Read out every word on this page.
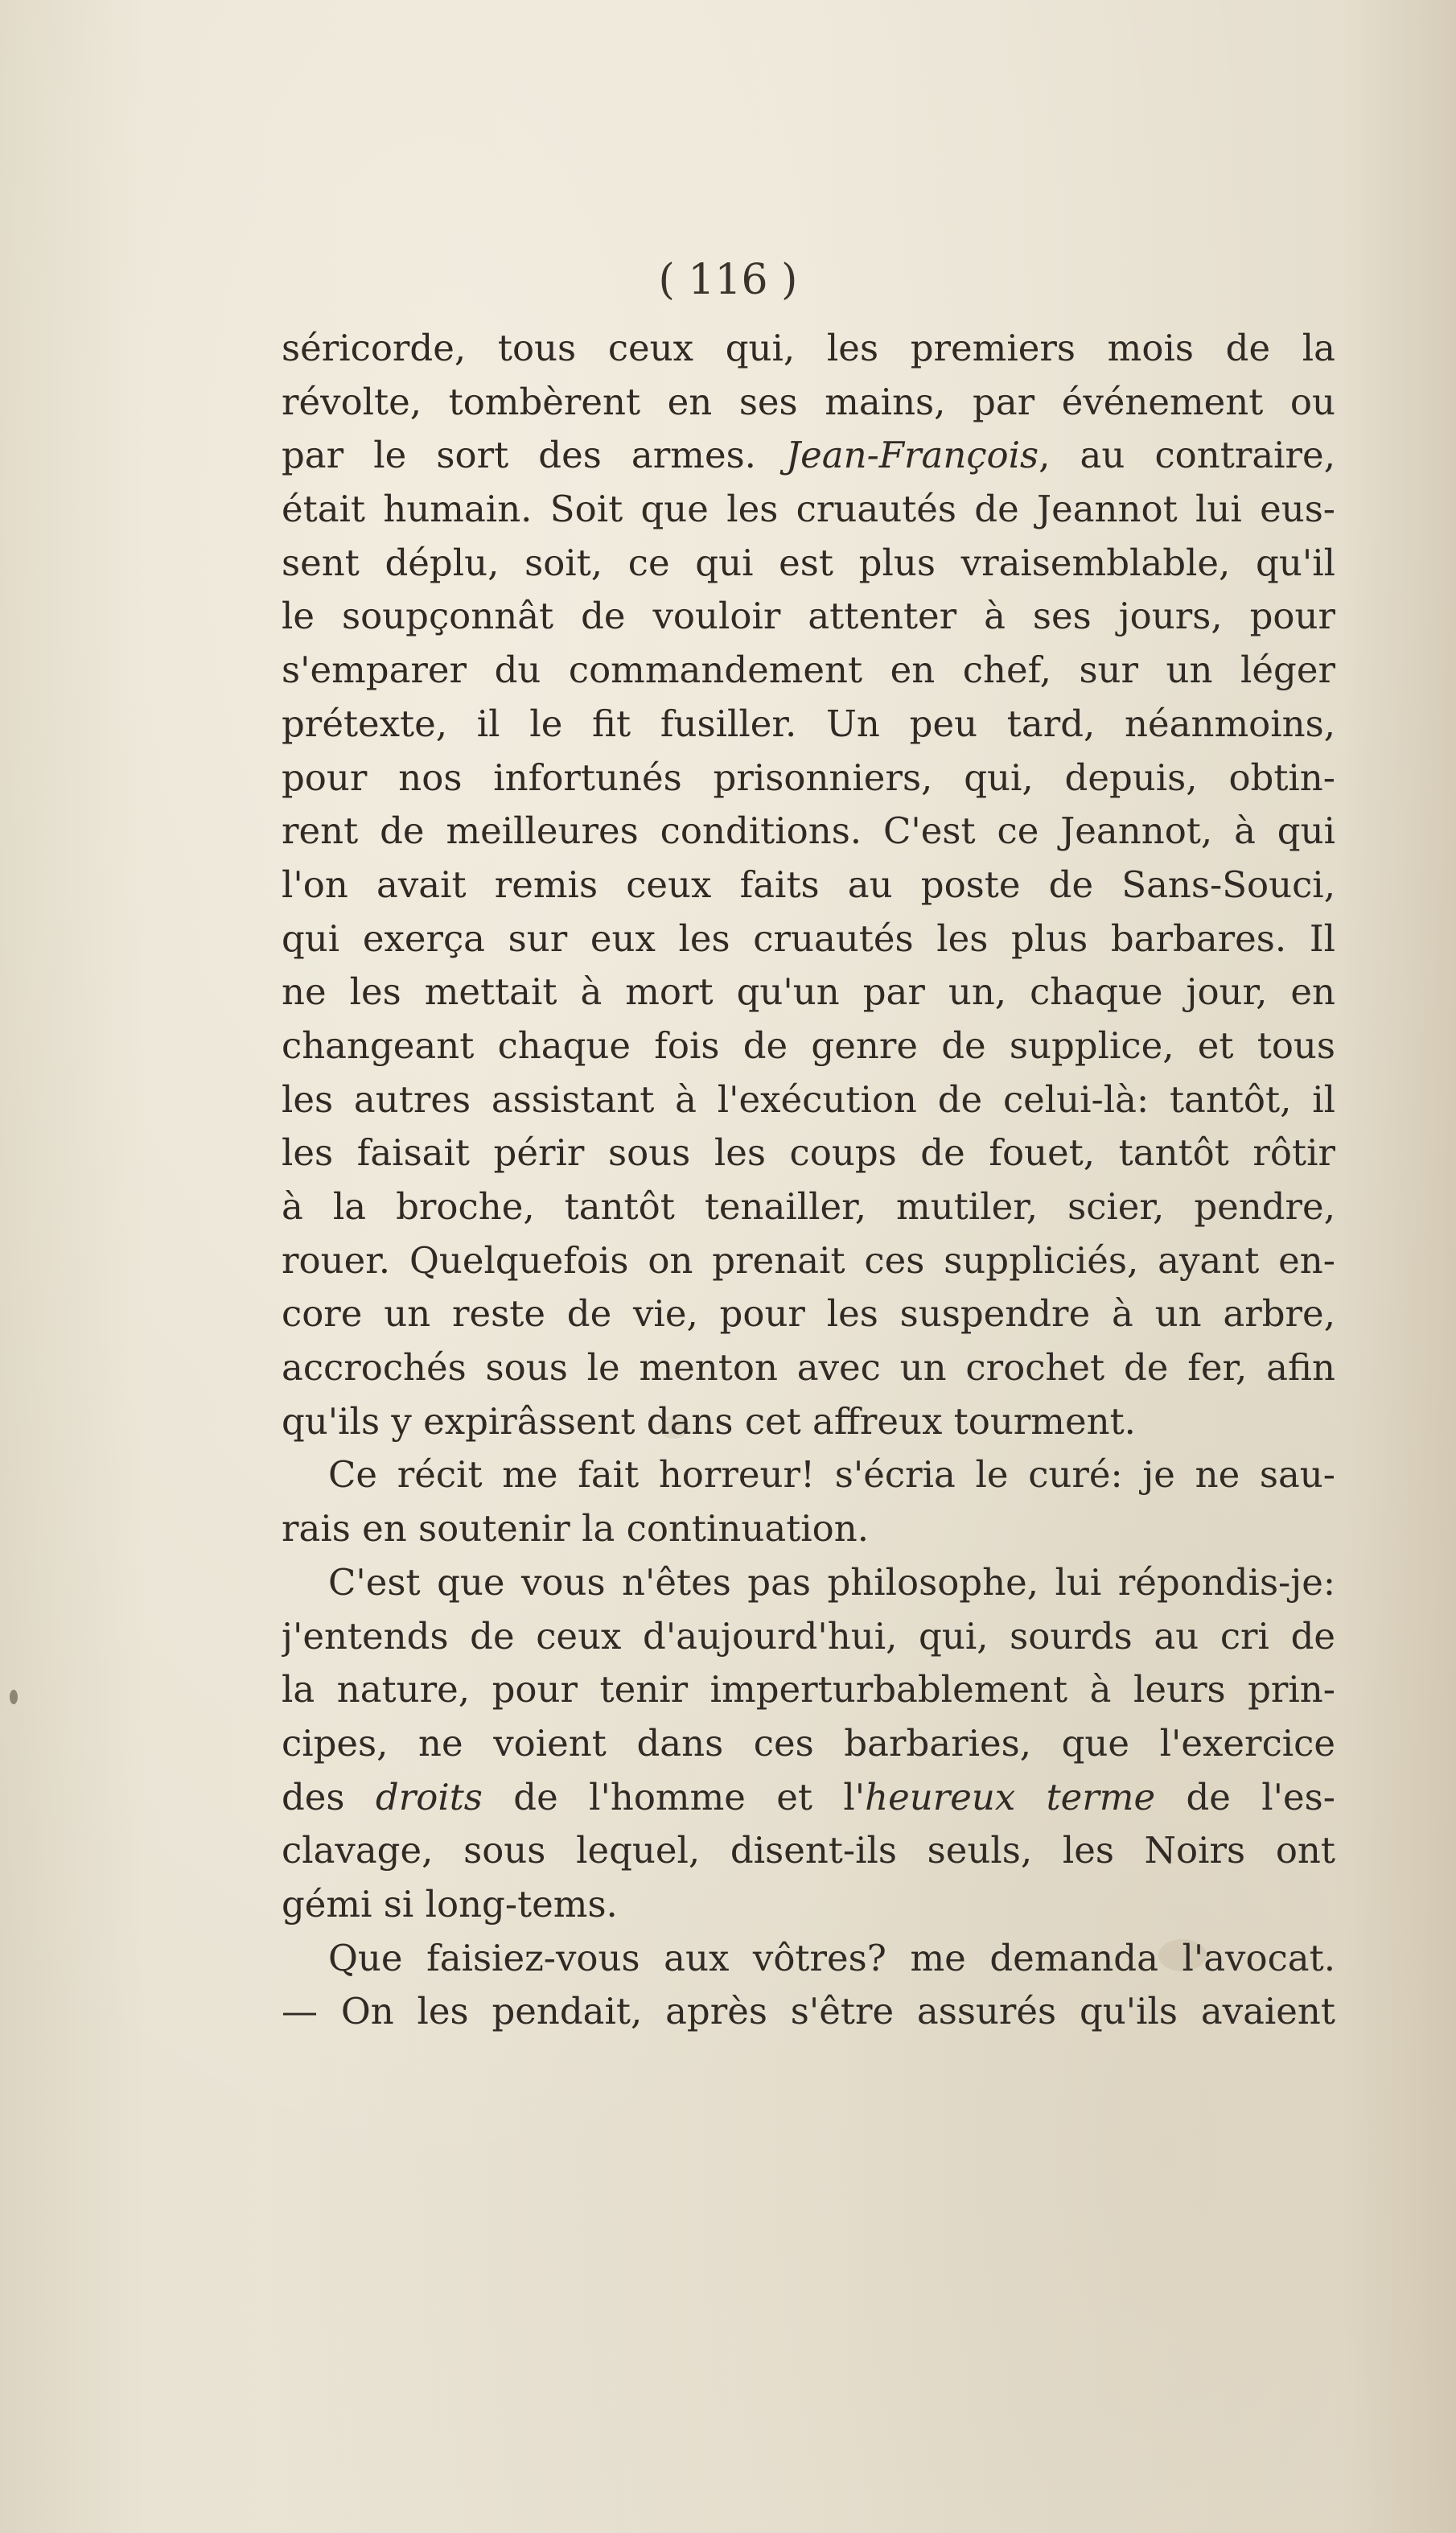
( 116 )
séricorde, tous ceux qui, les premiers mois de la
révolte, tombèrent en ses mains, par événement ou
par le sort des armes. Jean-François, au contraire,
était humain. Soit que les cruautés de Jeannot lui eus-
sent déplu, soit, ce qui est plus vraisemblable, qu'il
le soupçonnât de vouloir attenter à ses jours, pour
s'emparer du commandement en chef, sur un léger
prétexte, il le fit fusiller. Un peu tard, néanmoins,
pour nos infortunés prisonniers, qui, depuis, obtin-
rent de meilleures conditions. C'est ce Jeannot, à qui
l'on avait remis ceux faits au poste de Sans-Souci,
qui exerça sur eux les cruautés les plus barbares. Il
ne les mettait à mort qu'un par un, chaque jour, en
changeant chaque fois de genre de supplice, et tous
les autres assistant à l'exécution de celui-là: tantôt, il
les faisait périr sous les coups de fouet, tantôt rôtir
à la broche, tantôt tenailler, mutiler, scier, pendre,
rouer. Quelquefois on prenait ces suppliciés, ayant en-
core un reste de vie, pour les suspendre à un arbre,
accrochés sous le menton avec un crochet de fer, afin
qu'ils y expirâssent dans cet affreux tourment.
Ce récit me fait horreur! s'écria le curé: je ne sau-
rais en soutenir la continuation.
C'est que vous n'êtes pas philosophe, lui répondis-je:
j'entends de ceux d'aujourd'hui, qui, sourds au cri de
la nature, pour tenir imperturbablement à leurs prin-
cipes, ne voient dans ces barbaries, que l'exercice
des droits de l'homme et l'heureux terme de l'es-
clavage, sous lequel, disent-ils seuls, les Noirs ont
gémi si long-tems.
Que faisiez-vous aux vôtres? me demanda l'avocat.
— On les pendait, après s'être assurés qu'ils avaient
